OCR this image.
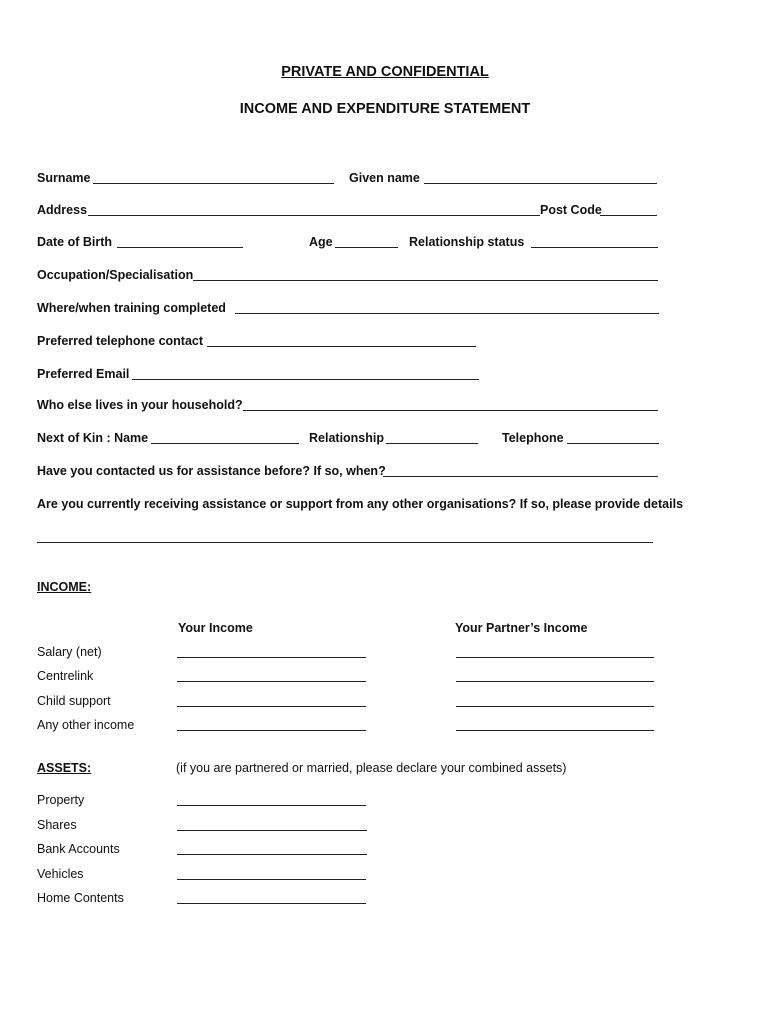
PRIVATE AND CONFIDENTIAL
INCOME AND EXPENDITURE STATEMENT
Surname	Given name
Address	Post Code
Date of Birth	Age	Relationship status
Occupation/Specialisation
Where/when training completed
Preferred telephone contact
Preferred Email
Who else lives in your household?
Next of Kin : Name	Relationship	Telephone
Have you contacted us for assistance before? If so, when?
Are you currently receiving assistance or support from any other organisations? If so, please provide details
INCOME:
Your Income	Your Partner’s Income
Salary (net)
Centrelink
Child support
Any other income
ASSETS:	(if you are partnered or married, please declare your combined assets)
Property
Shares
Bank Accounts
Vehicles
Home Contents
